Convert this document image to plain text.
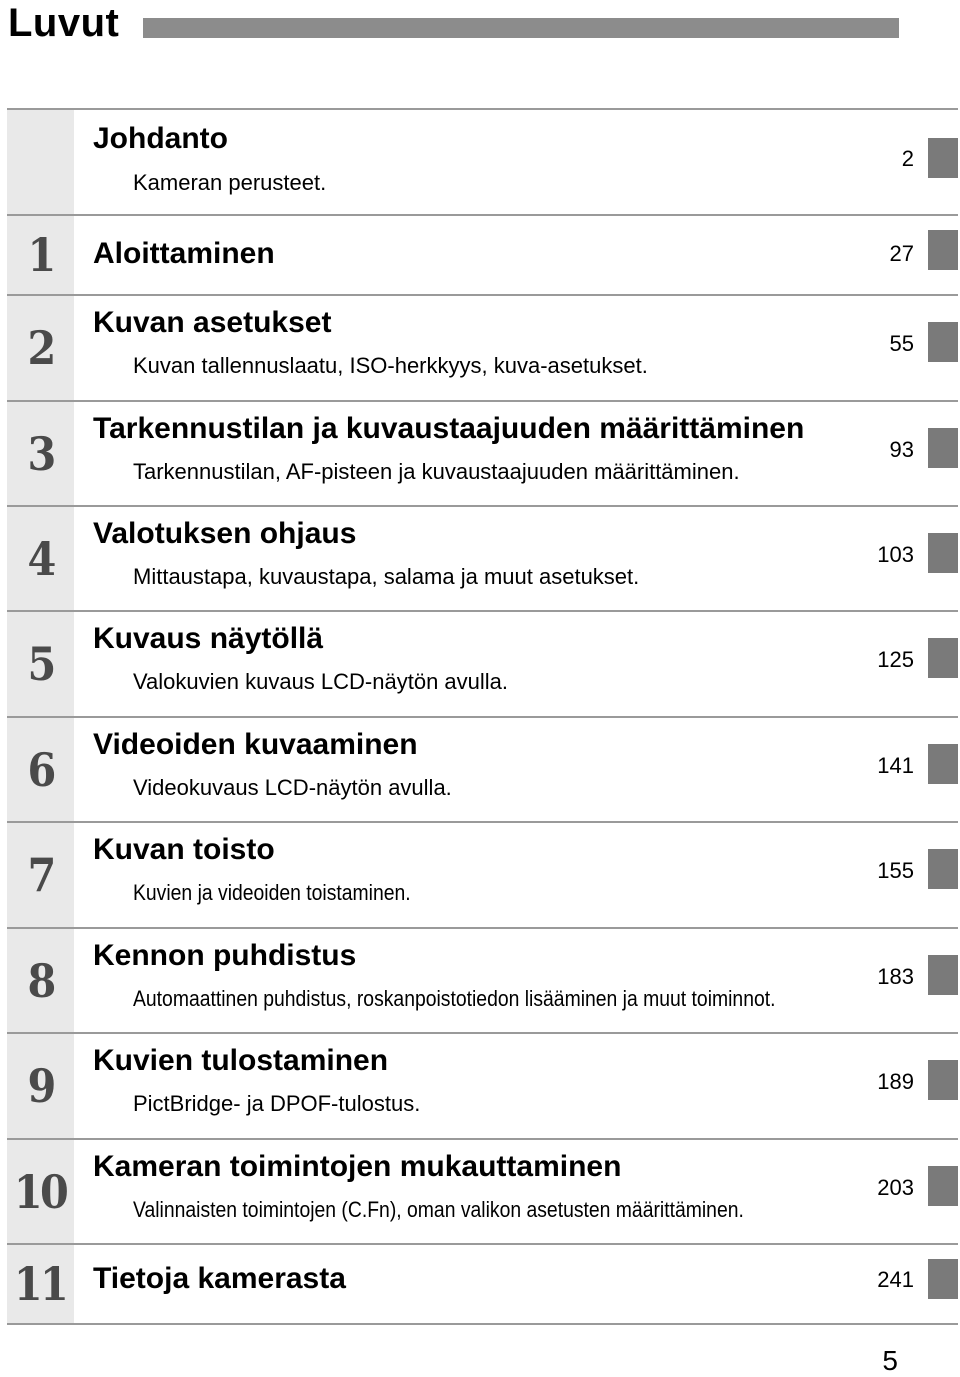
Luvut
Johdanto
Kameran perusteet.
2
1 Aloittaminen	27
2 Kuvan asetukset
Kuvan tallennuslaatu, ISO-herkkyys, kuva-asetukset.
55
3 Tarkennustilan ja kuvaustaajuuden määrittäminen
Tarkennustilan, AF-pisteen ja kuvaustaajuuden määrittäminen.
93
4 Valotuksen ohjaus
Mittaustapa, kuvaustapa, salama ja muut asetukset.
103
5 Kuvaus näytöllä
Valokuvien kuvaus LCD-näytön avulla.
125
6 Videoiden kuvaaminen
Videokuvaus LCD-näytön avulla.
141
7 Kuvan toisto
Kuvien ja videoiden toistaminen.
155
8 Kennon puhdistus
Automaattinen puhdistus, roskanpoistotiedon lisääminen ja muut toiminnot.
183
9 Kuvien tulostaminen
PictBridge- ja DPOF-tulostus.
189
10 Kameran toimintojen mukauttaminen
Valinnaisten toimintojen (C.Fn), oman valikon asetusten määrittäminen.
203
11 Tietoja kamerasta	241
5
